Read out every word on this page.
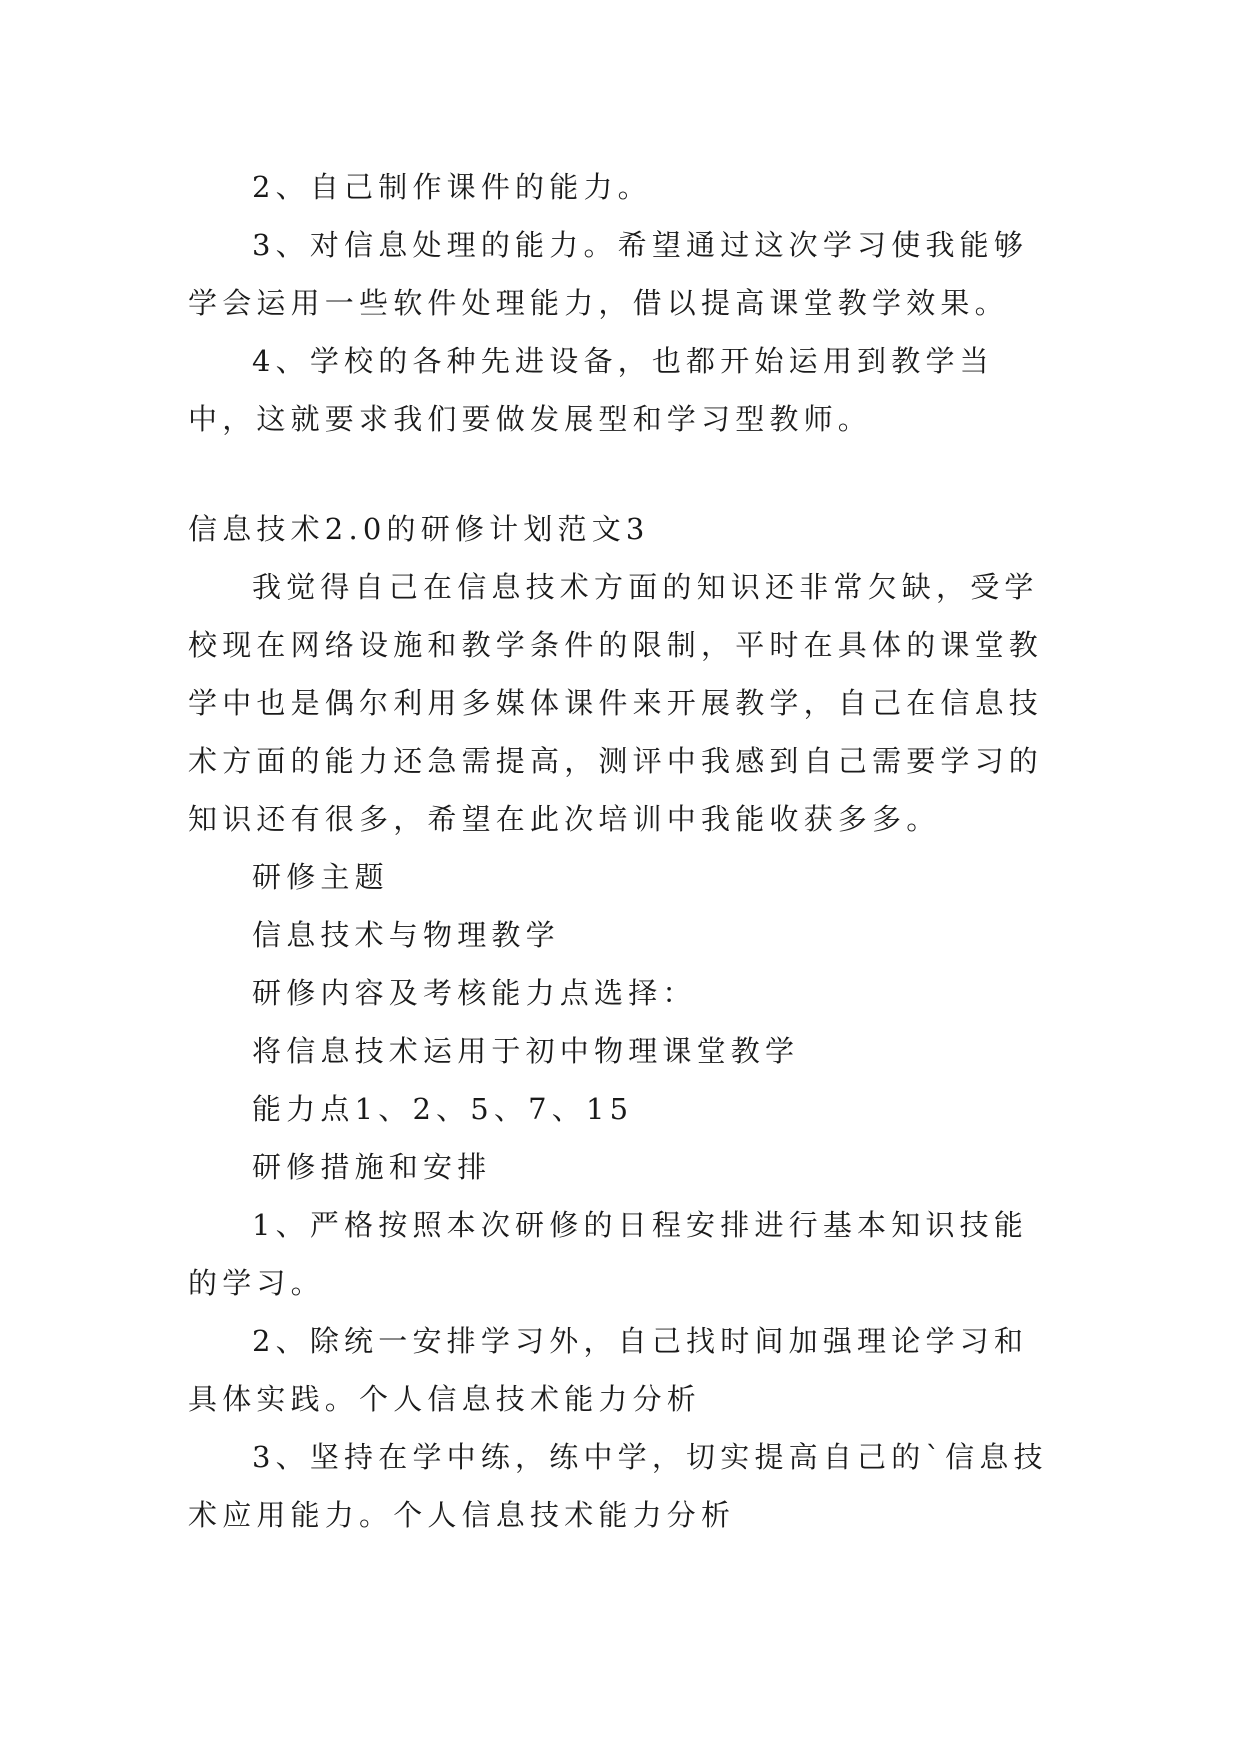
2、自己制作课件的能力。

3、对信息处理的能力。希望通过这次学习使我能够学会运用一些软件处理能力，借以提高课堂教学效果。

4、学校的各种先进设备，也都开始运用到教学当中，这就要求我们要做发展型和学习型教师。

信息技术2.0的研修计划范文3

我觉得自己在信息技术方面的知识还非常欠缺，受学校现在网络设施和教学条件的限制，平时在具体的课堂教学中也是偶尔利用多媒体课件来开展教学，自己在信息技术方面的能力还急需提高，测评中我感到自己需要学习的知识还有很多，希望在此次培训中我能收获多多。

研修主题

信息技术与物理教学

研修内容及考核能力点选择：

将信息技术运用于初中物理课堂教学

能力点1、2、5、7、15

研修措施和安排

1、严格按照本次研修的日程安排进行基本知识技能的学习。

2、除统一安排学习外，自己找时间加强理论学习和具体实践。个人信息技术能力分析

3、坚持在学中练，练中学，切实提高自己的`信息技术应用能力。个人信息技术能力分析
